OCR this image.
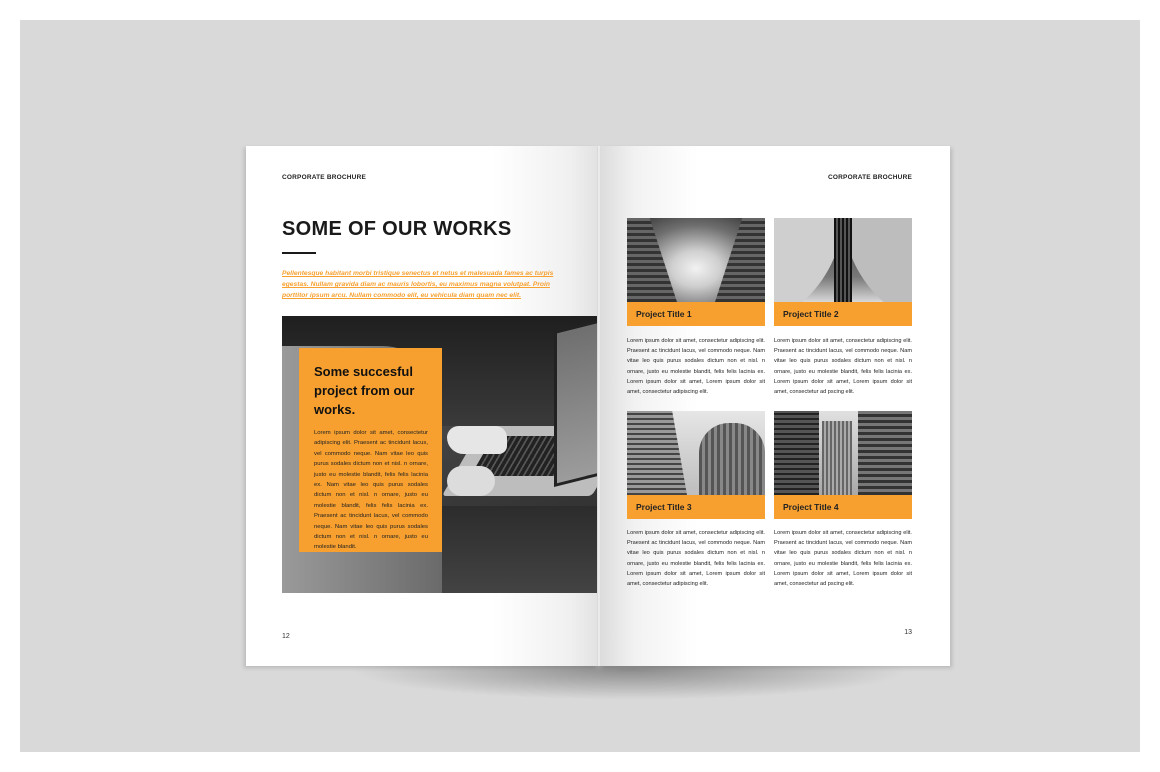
CORPORATE BROCHURE
SOME OF OUR WORKS
Pellentesque habitant morbi tristique senectus et netus et malesuada fames ac turpis egestas. Nullam gravida diam ac mauris lobortis, eu maximus magna volutpat. Proin porttitor ipsum arcu. Nullam commodo elit, eu vehicula diam quam nec elit.
Some succesful project from our works.
Lorem ipsum dolor sit amet, consectetur adipiscing elit. Praesent ac tincidunt lacus, vel commodo neque. Nam vitae leo quis purus sodales dictum non et nisl. n ornare, justo eu molestie blandit, felis felis lacinia ex. Nam vitae leo quis purus sodales dictum non et nisl. n ornare, justo eu molestie blandit, felis felis lacinia ex. Praesent ac tincidunt lacus, vel commodo neque. Nam vitae leo quis purus sodales dictum non et nisl. n ornare, justo eu molestie blandit.
12
CORPORATE BROCHURE
Project Title 1
Lorem ipsum dolor sit amet, consectetur adipiscing elit. Praesent ac tincidunt lacus, vel commodo neque. Nam vitae leo quis purus sodales dictum non et nisl. n ornare, justo eu molestie blandit, felis felis lacinia ex. Lorem ipsum dolor sit amet, Lorem ipsum dolor sit amet, consectetur adipiscing elit.
Project Title 2
Lorem ipsum dolor sit amet, consectetur adipiscing elit. Praesent ac tincidunt lacus, vel commodo neque. Nam vitae leo quis purus sodales dictum non et nisl. n ornare, justo eu molestie blandit, felis felis lacinia ex. Lorem ipsum dolor sit amet, Lorem ipsum dolor sit amet, consectetur ad pscing elit.
Project Title 3
Lorem ipsum dolor sit amet, consectetur adipiscing elit. Praesent ac tincidunt lacus, vel commodo neque. Nam vitae leo quis purus sodales dictum non et nisl. n ornare, justo eu molestie blandit, felis felis lacinia ex. Lorem ipsum dolor sit amet, Lorem ipsum dolor sit amet, consectetur adipiscing elit.
Project Title 4
Lorem ipsum dolor sit amet, consectetur adipiscing elit. Praesent ac tincidunt lacus, vel commodo neque. Nam vitae leo quis purus sodales dictum non et nisl. n ornare, justo eu molestie blandit, felis felis lacinia ex. Lorem ipsum dolor sit amet, Lorem ipsum dolor sit amet, consectetur ad pscing elit.
13
